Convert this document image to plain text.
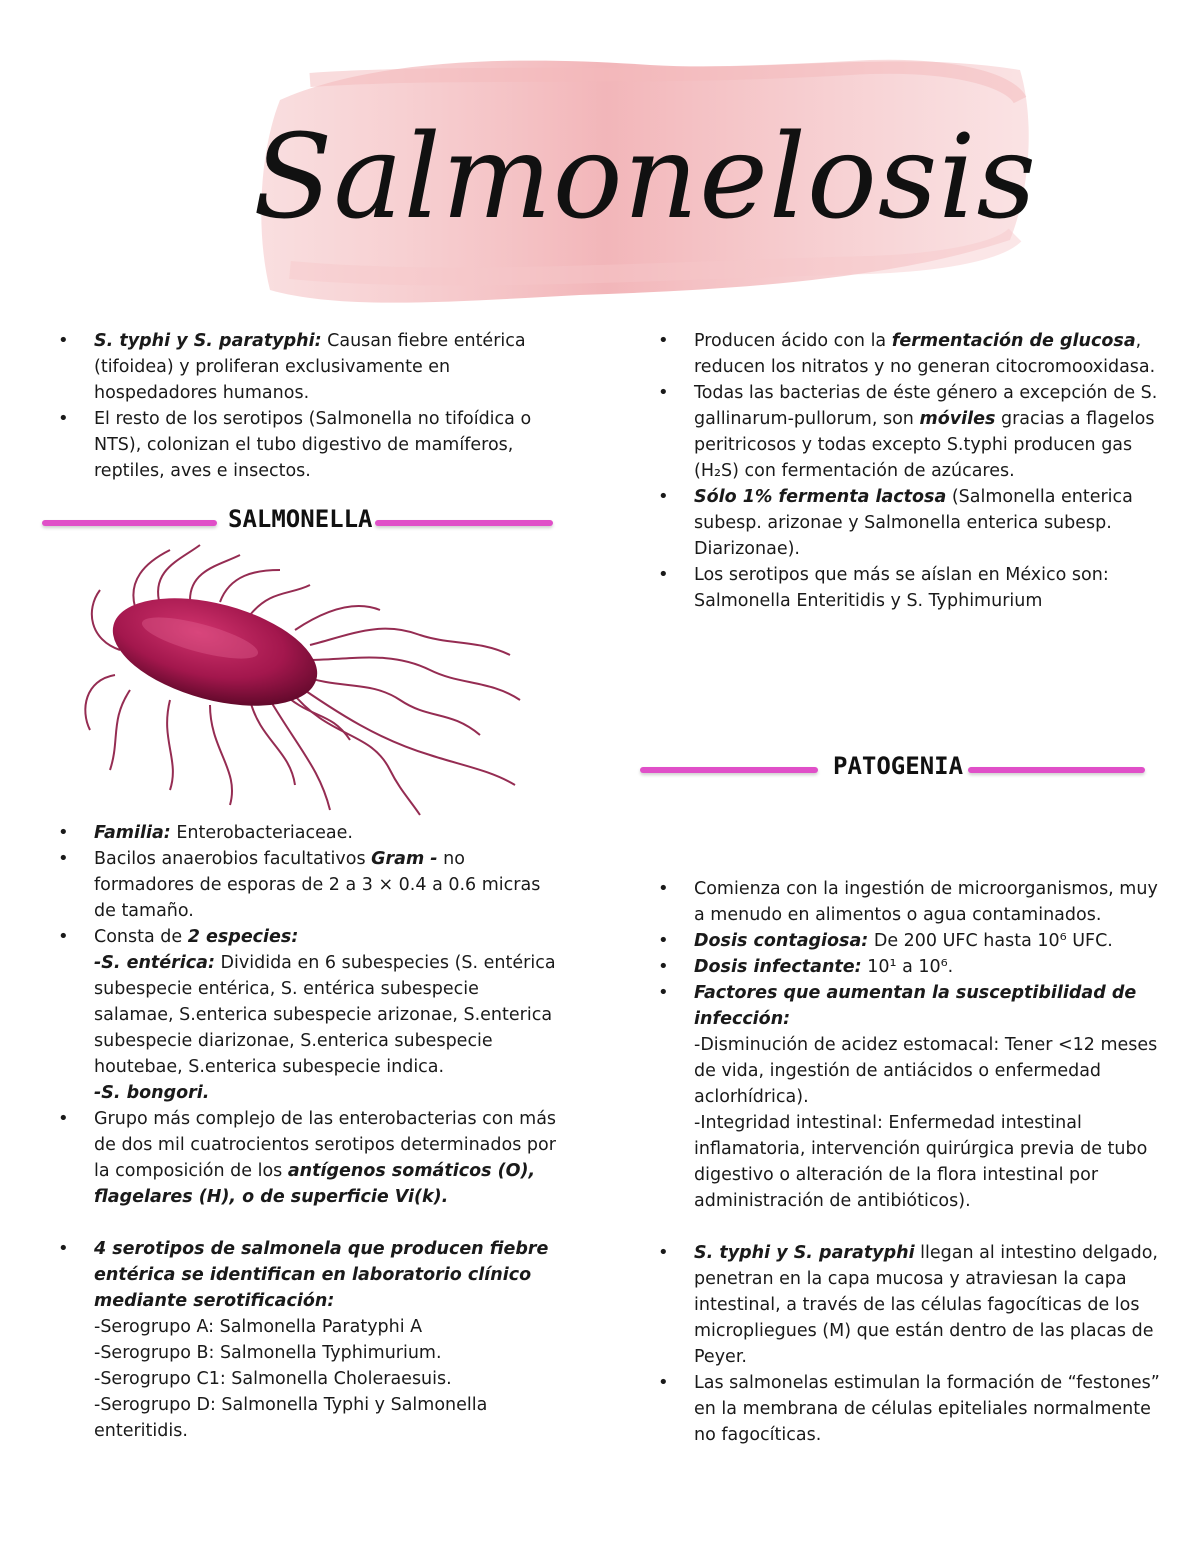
Salmonelosis
• S. typhi y S. paratyphi: Causan fiebre entérica (tifoidea) y proliferan exclusivamente en hospedadores humanos.
• El resto de los serotipos (Salmonella no tifoídica o NTS), colonizan el tubo digestivo de mamíferos, reptiles, aves e insectos.
SALMONELLA
• Familia: Enterobacteriaceae.
• Bacilos anaerobios facultativos Gram - no formadores de esporas de 2 a 3 × 0.4 a 0.6 micras de tamaño.
• Consta de 2 especies:
-S. entérica: Dividida en 6 subespecies (S. entérica subespecie entérica, S. entérica subespecie salamae, S.enterica subespecie arizonae, S.enterica subespecie diarizonae, S.enterica subespecie houtebae, S.enterica subespecie indica.
-S. bongori.
• Grupo más complejo de las enterobacterias con más de dos mil cuatrocientos serotipos determinados por la composición de los antígenos somáticos (O), flagelares (H), o de superficie Vi(k).
• 4 serotipos de salmonela que producen fiebre entérica se identifican en laboratorio clínico mediante serotificación:
-Serogrupo A: Salmonella Paratyphi A
-Serogrupo B: Salmonella Typhimurium.
-Serogrupo C1: Salmonella Choleraesuis.
-Serogrupo D: Salmonella Typhi y Salmonella enteritidis.
• Producen ácido con la fermentación de glucosa, reducen los nitratos y no generan citocromooxidasa.
• Todas las bacterias de éste género a excepción de S. gallinarum-pullorum, son móviles gracias a flagelos peritricosos y todas excepto S.typhi producen gas (H₂S) con fermentación de azúcares.
• Sólo 1% fermenta lactosa (Salmonella enterica subesp. arizonae y Salmonella enterica subesp. Diarizonae).
• Los serotipos que más se aíslan en México son: Salmonella Enteritidis y S. Typhimurium
PATOGENIA
• Comienza con la ingestión de microorganismos, muy a menudo en alimentos o agua contaminados.
• Dosis contagiosa: De 200 UFC hasta 10⁶ UFC.
• Dosis infectante: 10¹ a 10⁶.
• Factores que aumentan la susceptibilidad de infección:
-Disminución de acidez estomacal: Tener <12 meses de vida, ingestión de antiácidos o enfermedad aclorhídrica).
-Integridad intestinal: Enfermedad intestinal inflamatoria, intervención quirúrgica previa de tubo digestivo o alteración de la flora intestinal por administración de antibióticos).
• S. typhi y S. paratyphi llegan al intestino delgado, penetran en la capa mucosa y atraviesan la capa intestinal, a través de las células fagocíticas de los micropliegues (M) que están dentro de las placas de Peyer.
• Las salmonelas estimulan la formación de “festones” en la membrana de células epiteliales normalmente no fagocíticas.
